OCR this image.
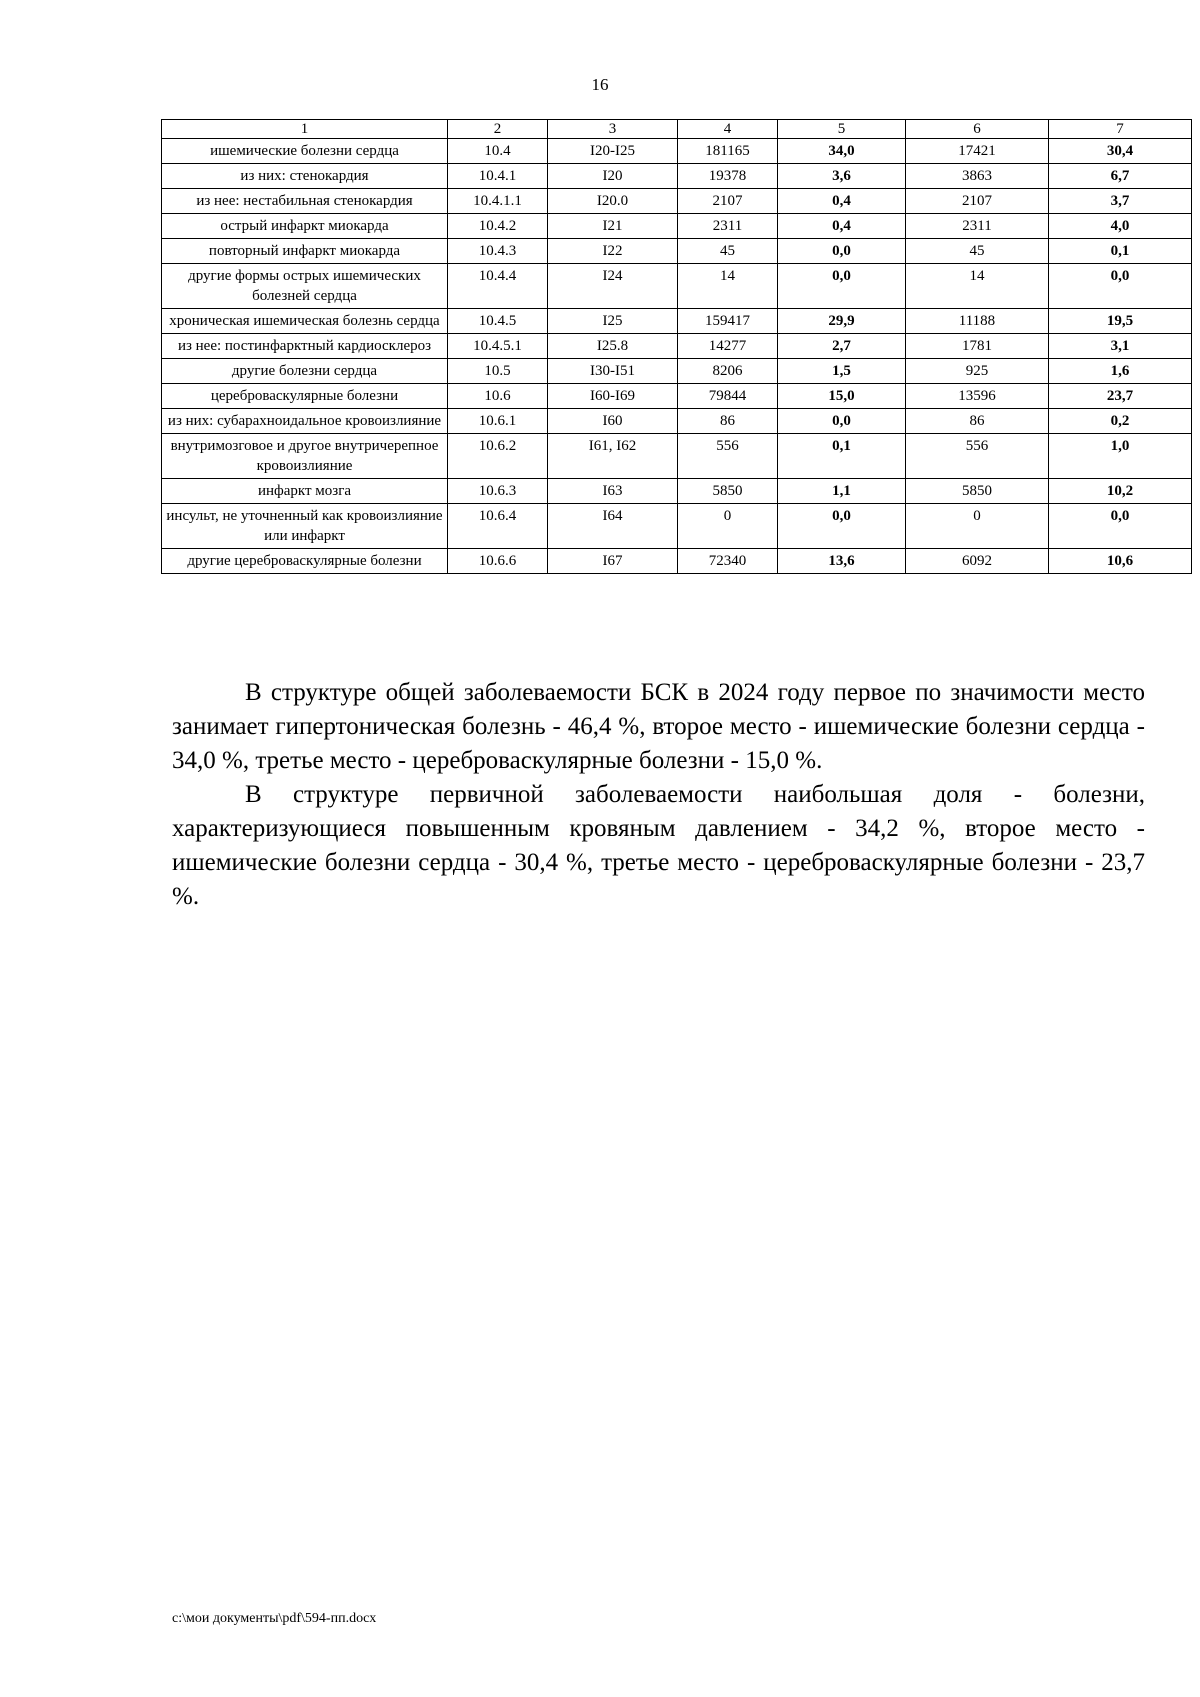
16
1	2	3	4	5	6	7
ишемические болезни сердца	10.4	I20-I25	181165	34,0	17421	30,4
из них: стенокардия	10.4.1	I20	19378	3,6	3863	6,7
из нее: нестабильная стенокардия	10.4.1.1	I20.0	2107	0,4	2107	3,7
острый инфаркт миокарда	10.4.2	I21	2311	0,4	2311	4,0
повторный инфаркт миокарда	10.4.3	I22	45	0,0	45	0,1
другие формы острых ишемических болезней сердца	10.4.4	I24	14	0,0	14	0,0
хроническая ишемическая болезнь сердца	10.4.5	I25	159417	29,9	11188	19,5
из нее: постинфарктный кардиосклероз	10.4.5.1	I25.8	14277	2,7	1781	3,1
другие болезни сердца	10.5	I30-I51	8206	1,5	925	1,6
цереброваскулярные болезни	10.6	I60-I69	79844	15,0	13596	23,7
из них: субарахноидальное кровоизлияние	10.6.1	I60	86	0,0	86	0,2
внутримозговое и другое внутричерепное кровоизлияние	10.6.2	I61, I62	556	0,1	556	1,0
инфаркт мозга	10.6.3	I63	5850	1,1	5850	10,2
инсульт, не уточненный как кровоизлияние или инфаркт	10.6.4	I64	0	0,0	0	0,0
другие цереброваскулярные болезни	10.6.6	I67	72340	13,6	6092	10,6

В структуре общей заболеваемости БСК в 2024 году первое по значимости место занимает гипертоническая болезнь - 46,4 %, второе место - ишемические болезни сердца - 34,0 %, третье место - цереброваскулярные болезни - 15,0 %.

В структуре первичной заболеваемости наибольшая доля - болезни, характеризующиеся повышенным кровяным давлением - 34,2 %, второе место - ишемические болезни сердца - 30,4 %, третье место - цереброваскулярные болезни - 23,7 %.

c:\мои документы\pdf\594-пп.docx
